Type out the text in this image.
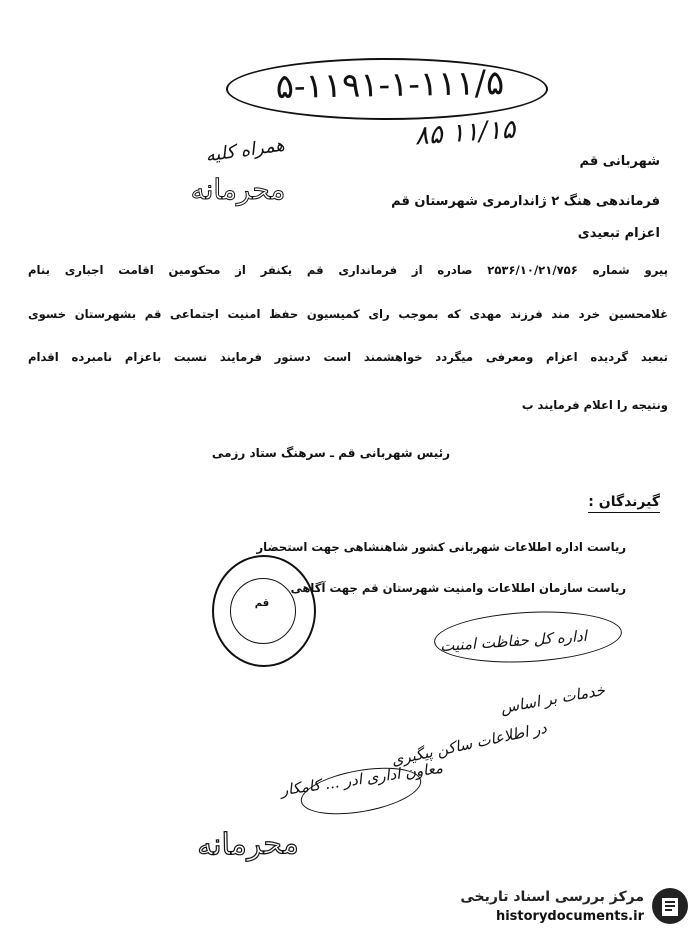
۵-۱۱۹۱-۱-۱۱۱/۵
۱۱/۱۵ ۸۵
همراه کلیه
محرمانه
شهربانی قم
فرماندهی هنگ ۲ ژاندارمری شهرستان قم
اعزام تبعیدی
پیرو شماره ۲۵۳۶/۱۰/۲۱/۷۵۶ صادره از فرمانداری قم یکنفر از محکومین اقامت اجباری بنام
غلامحسین خرد مند فرزند مهدی که بموجب رای کمیسیون حفظ امنیت اجتماعی قم بشهرستان خسوی
تبعید گردیده اعزام ومعرفی میگردد خواهشمند است دستور فرمایند نسبت باعزام نامبرده اقدام
ونتیجه را اعلام فرمایند ب
رئیس شهربانی قم ـ سرهنگ ستاد رزمی
گیرندگان :
ریاست اداره اطلاعات شهربانی کشور شاهنشاهی جهت استحضار
ریاست سازمان اطلاعات وامنیت شهرستان قم جهت آگاهی
قم
اداره کل حفاظت امنیت
خدمات بر اساس
در اطلاعات ساکن پیگیری
معاون اداری ادر ... کامکار
محرمانه
مرکز بررسی اسناد تاریخی
historydocuments.ir
